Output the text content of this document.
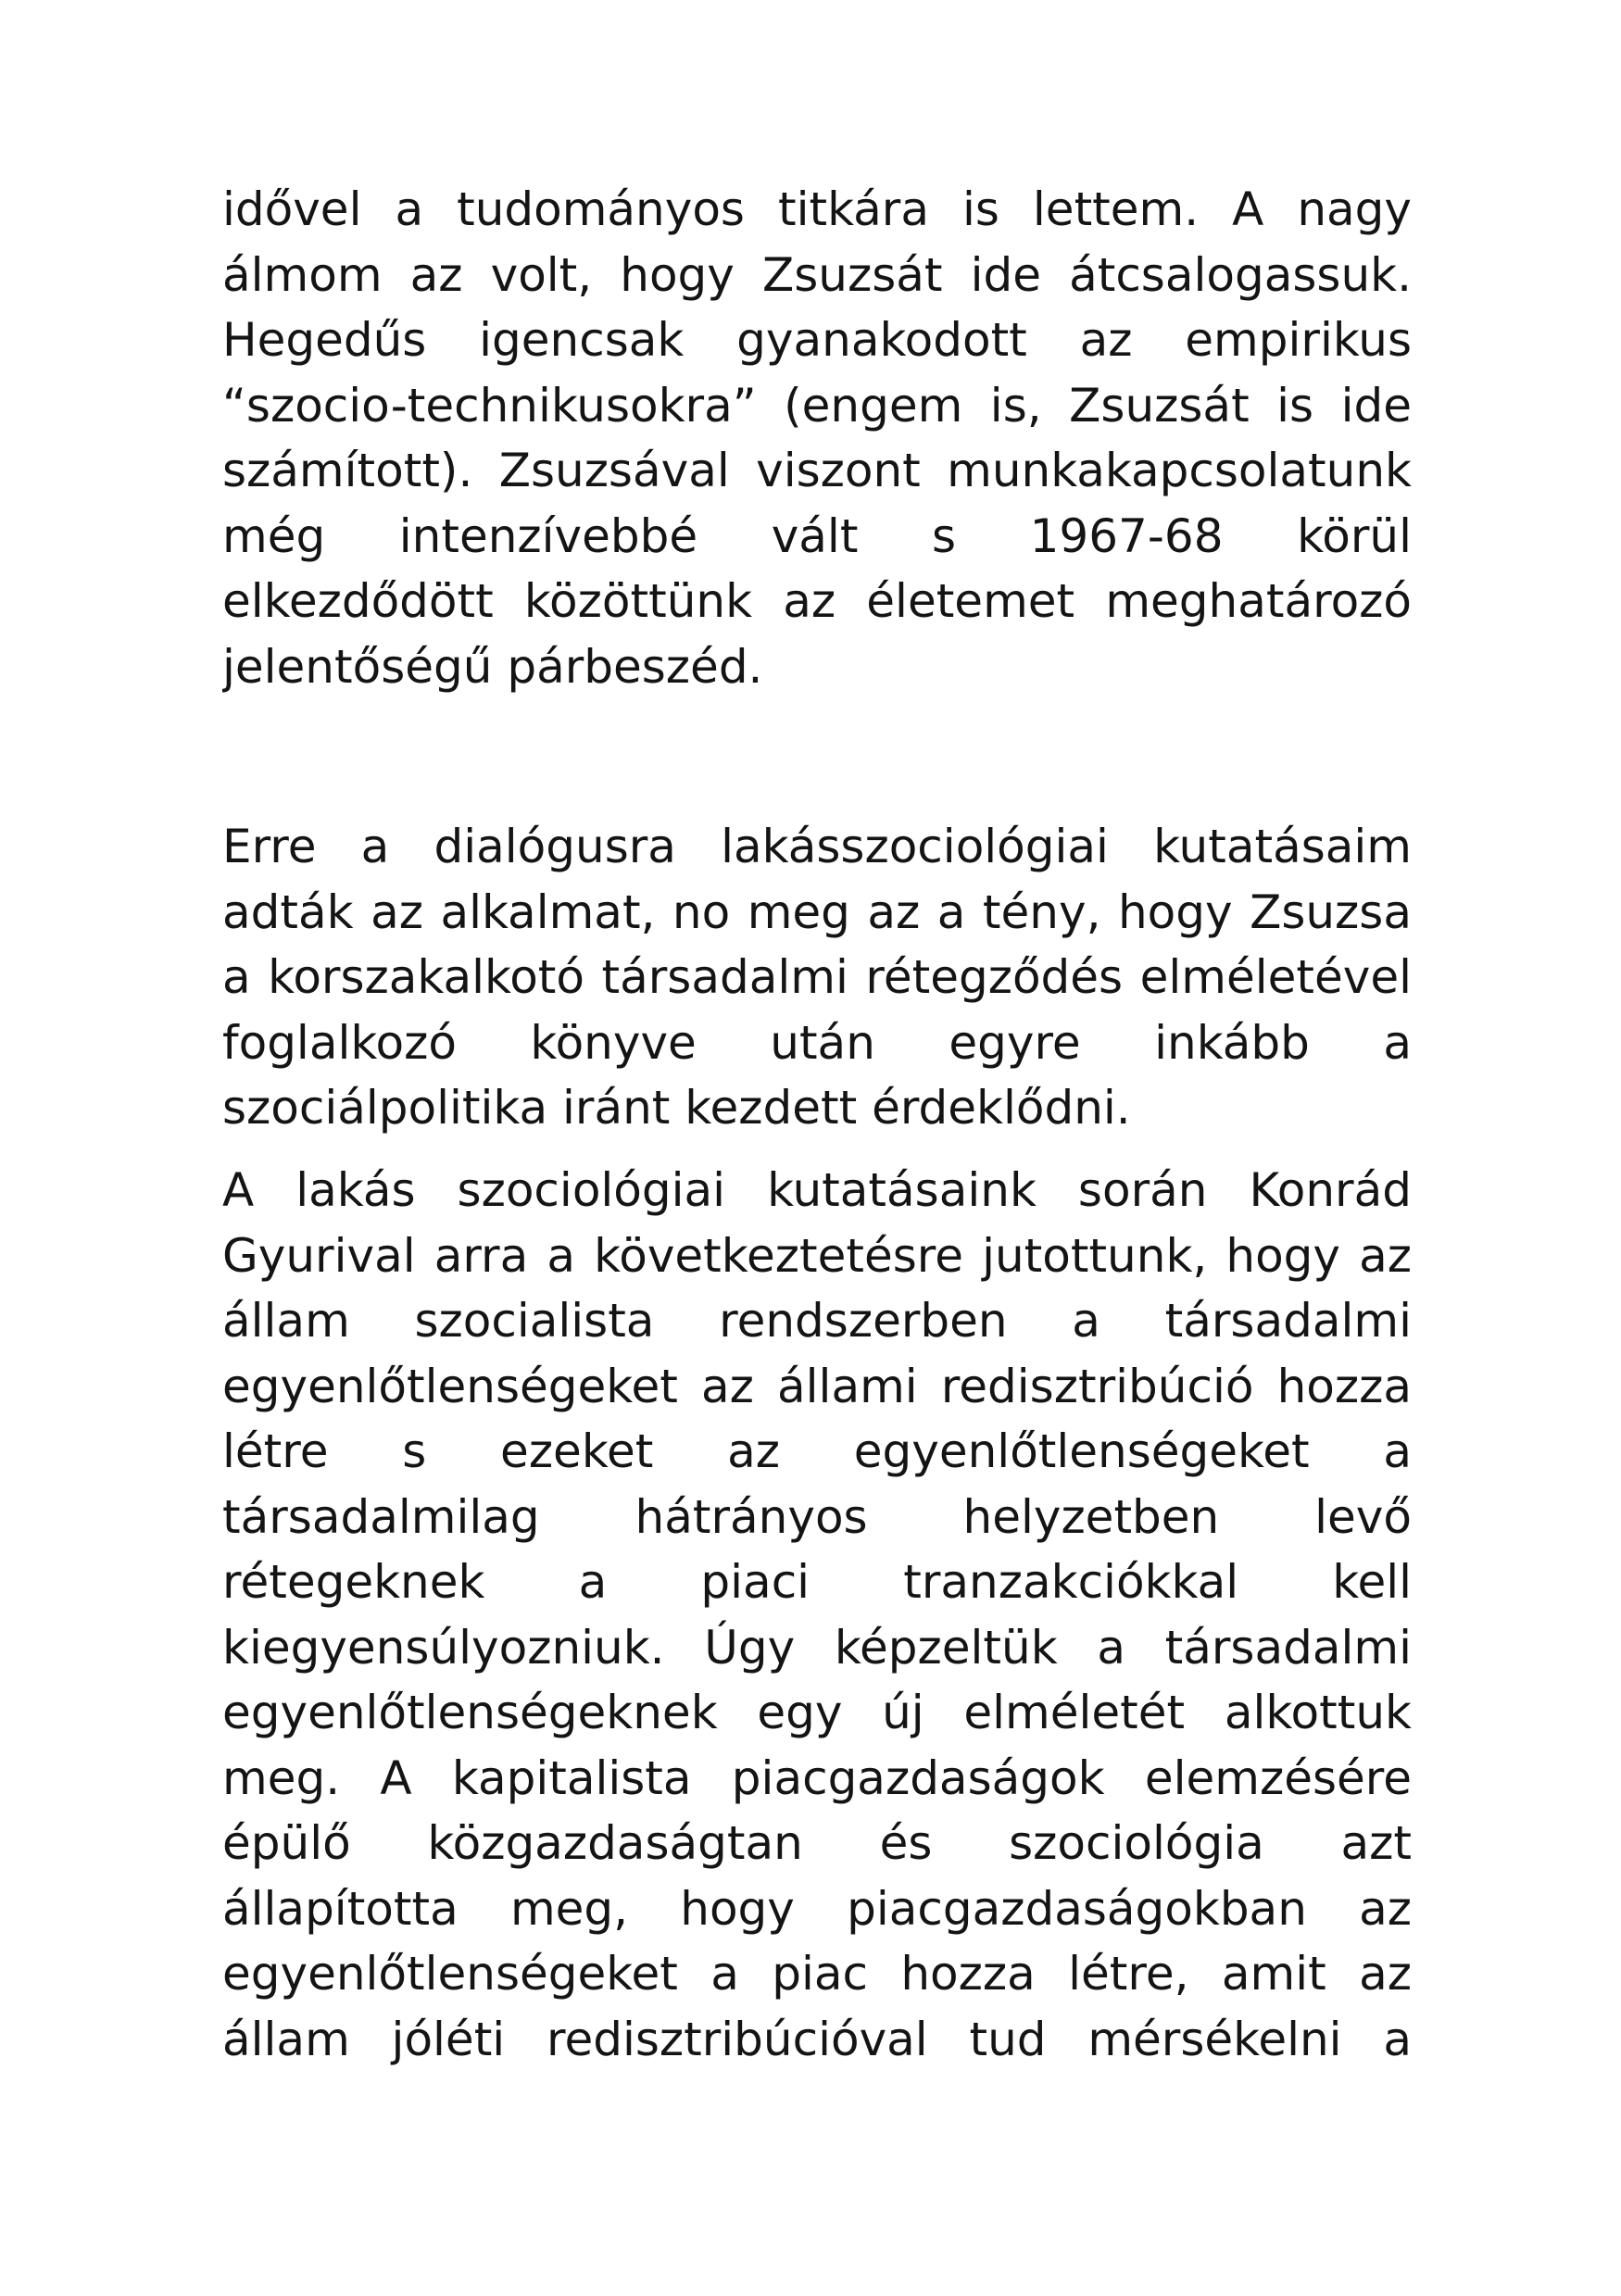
idővel a tudományos titkára is lettem. A nagy
álmom az volt, hogy Zsuzsát ide átcsalogassuk.
Hegedűs igencsak gyanakodott az empirikus
“szocio-technikusokra” (engem is, Zsuzsát is ide
számított). Zsuzsával viszont munkakapcsolatunk
még intenzívebbé vált s 1967-68 körül
elkezdődött közöttünk az életemet meghatározó
jelentőségű párbeszéd.
Erre a dialógusra lakásszociológiai kutatásaim
adták az alkalmat, no meg az a tény, hogy Zsuzsa
a korszakalkotó társadalmi rétegződés elméletével
foglalkozó könyve után egyre inkább a
szociálpolitika iránt kezdett érdeklődni.
A lakás szociológiai kutatásaink során Konrád
Gyurival arra a következtetésre jutottunk, hogy az
állam szocialista rendszerben a társadalmi
egyenlőtlenségeket az állami redisztribúció hozza
létre s ezeket az egyenlőtlenségeket a
társadalmilag hátrányos helyzetben levő
rétegeknek a piaci tranzakciókkal kell
kiegyensúlyozniuk. Úgy képzeltük a társadalmi
egyenlőtlenségeknek egy új elméletét alkottuk
meg. A kapitalista piacgazdaságok elemzésére
épülő közgazdaságtan és szociológia azt
állapította meg, hogy piacgazdaságokban az
egyenlőtlenségeket a piac hozza létre, amit az
állam jóléti redisztribúcióval tud mérsékelni a
